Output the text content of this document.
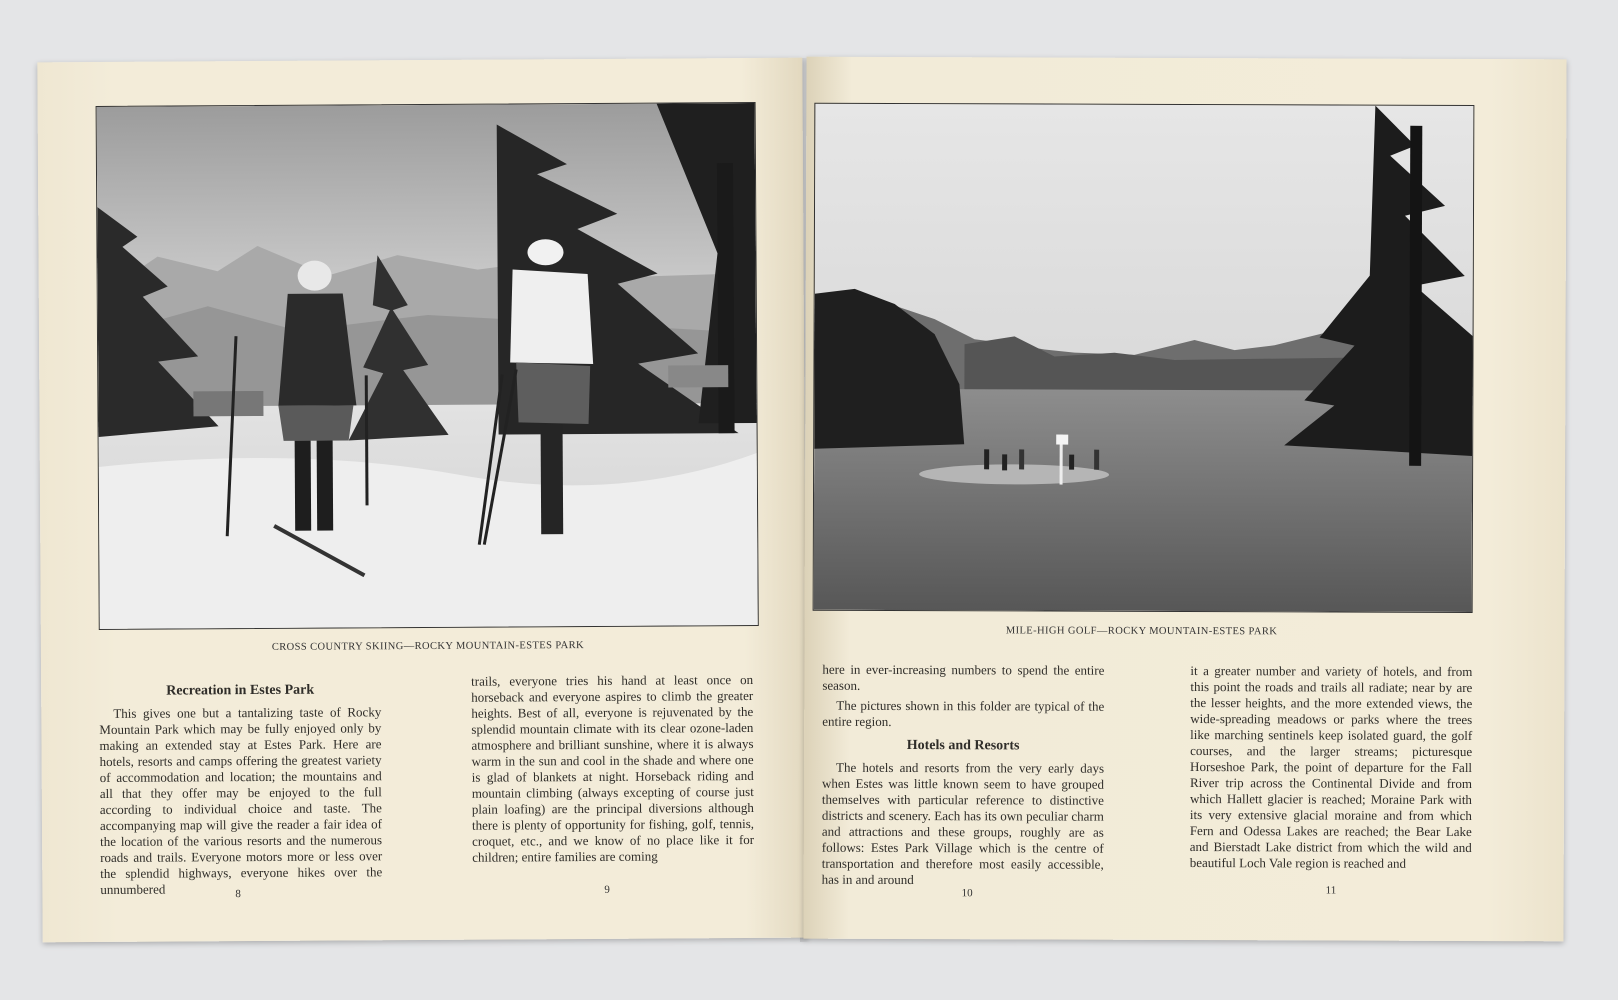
CROSS COUNTRY SKIING—ROCKY MOUNTAIN-ESTES PARK
Recreation in Estes Park

This gives one but a tantalizing taste of Rocky Mountain Park which may be fully enjoyed only by making an extended stay at Estes Park. Here are hotels, resorts and camps offering the greatest variety of accommodation and location; the mountains and all that they offer may be enjoyed to the full according to individual choice and taste. The accompanying map will give the reader a fair idea of the location of the various resorts and the numerous roads and trails. Everyone motors more or less over the splendid highways, everyone hikes over the unnumbered

trails, everyone tries his hand at least once on horseback and everyone aspires to climb the greater heights. Best of all, everyone is rejuvenated by the splendid mountain climate with its clear ozone-laden atmosphere and brilliant sunshine, where it is always warm in the sun and cool in the shade and where one is glad of blankets at night. Horseback riding and mountain climbing (always excepting of course just plain loafing) are the principal diversions although there is plenty of opportunity for fishing, golf, tennis, croquet, etc., and we know of no place like it for children; entire families are coming

8	9
MILE-HIGH GOLF—ROCKY MOUNTAIN-ESTES PARK

here in ever-increasing numbers to spend the entire season.

The pictures shown in this folder are typical of the entire region.

Hotels and Resorts

The hotels and resorts from the very early days when Estes was little known seem to have grouped themselves with particular reference to distinctive districts and scenery. Each has its own peculiar charm and attractions and these groups, roughly are as follows: Estes Park Village which is the centre of transportation and therefore most easily accessible, has in and around

it a greater number and variety of hotels, and from this point the roads and trails all radiate; near by are the lesser heights, and the more extended views, the wide-spreading meadows or parks where the trees like marching sentinels keep isolated guard, the golf courses, and the larger streams; picturesque Horseshoe Park, the point of departure for the Fall River trip across the Continental Divide and from which Hallett glacier is reached; Moraine Park with its very extensive glacial moraine and from which Fern and Odessa Lakes are reached; the Bear Lake and Bierstadt Lake district from which the wild and beautiful Loch Vale region is reached and

10	11
